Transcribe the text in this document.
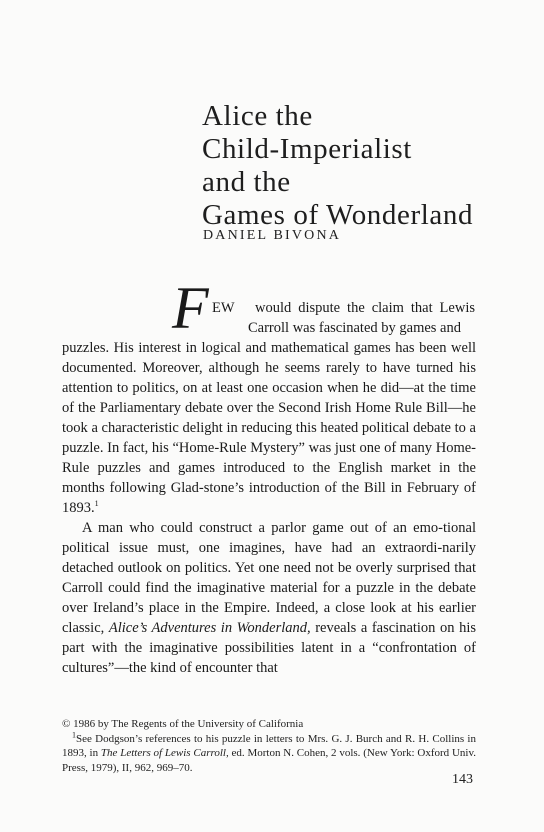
Alice the
Child-Imperialist
and the
Games of Wonderland
DANIEL BIVONA
F EW would dispute the claim that Lewis
Carroll was fascinated by games and

puzzles. His interest in logical and mathematical games has been well documented. Moreover, although he seems rarely to have turned his attention to politics, on at least one occasion when he did—at the time of the Parliamentary debate over the Second Irish Home Rule Bill—he took a characteristic delight in reducing this heated political debate to a puzzle. In fact, his “Home-Rule Mystery” was just one of many Home-Rule puzzles and games introduced to the English market in the months following Glad-stone’s introduction of the Bill in February of 1893.$^1$

A man who could construct a parlor game out of an emo-tional political issue must, one imagines, have had an extraordi-narily detached outlook on politics. Yet one need not be overly surprised that Carroll could find the imaginative material for a puzzle in the debate over Ireland’s place in the Empire. Indeed, a close look at his earlier classic, Alice’s Adventures in Wonderland, reveals a fascination on his part with the imaginative possibilities latent in a “confrontation of cultures”—the kind of encounter that

© 1986 by The Regents of the University of California

$^1$See Dodgson’s references to his puzzle in letters to Mrs. G. J. Burch and R. H. Collins in 1893, in The Letters of Lewis Carroll, ed. Morton N. Cohen, 2 vols. (New York: Oxford Univ. Press, 1979), II, 962, 969–70.

143
